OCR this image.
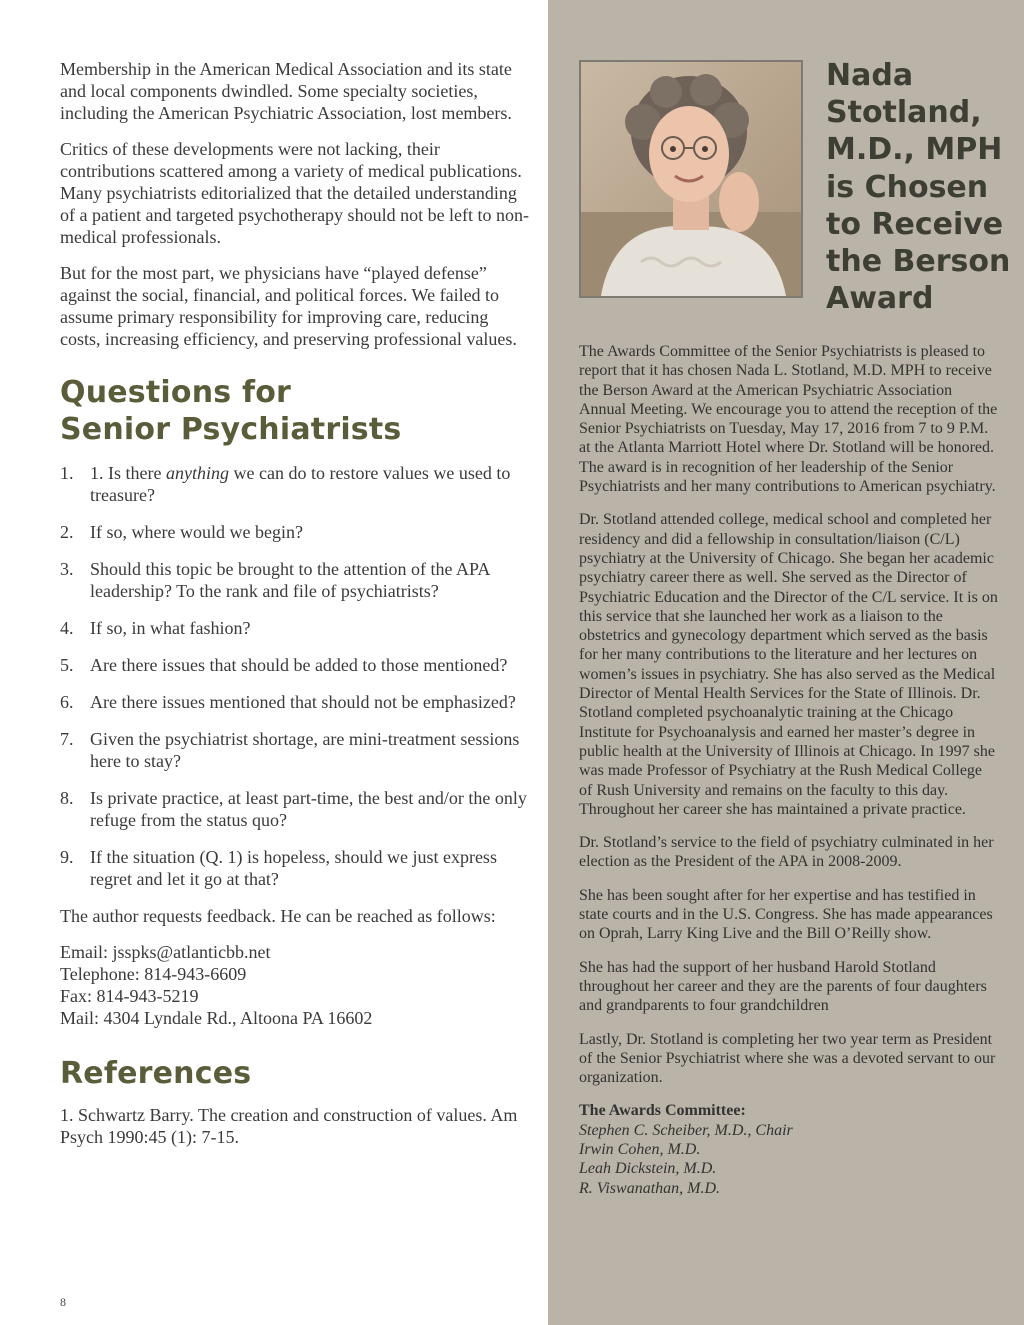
Membership in the American Medical Association and its state and local components dwindled. Some specialty societies, including the American Psychiatric Association, lost members.

Critics of these developments were not lacking, their contributions scattered among a variety of medical publications. Many psychiatrists editorialized that the detailed understanding of a patient and targeted psychotherapy should not be left to non-medical professionals.

But for the most part, we physicians have “played defense” against the social, financial, and political forces. We failed to assume primary responsibility for improving care, reducing costs, increasing efficiency, and preserving professional values.

Questions for
Senior Psychiatrists
1. 1. Is there anything we can do to restore values we used to treasure?
2. If so, where would we begin?
3. Should this topic be brought to the attention of the APA leadership? To the rank and file of psychiatrists?
4. If so, in what fashion?
5. Are there issues that should be added to those mentioned?
6. Are there issues mentioned that should not be emphasized?
7. Given the psychiatrist shortage, are mini-treatment sessions here to stay?
8. Is private practice, at least part-time, the best and/or the only refuge from the status quo?
9. If the situation (Q. 1) is hopeless, should we just express regret and let it go at that?

The author requests feedback. He can be reached as follows:

Email: jsspks@atlanticbb.net
Telephone: 814-943-6609
Fax: 814-943-5219
Mail: 4304 Lyndale Rd., Altoona PA 16602

References

1. Schwartz Barry. The creation and construction of values. Am Psych 1990:45 (1): 7-15.

8
Nada
Stotland,
M.D., MPH
is Chosen
to Receive
the Berson
Award

The Awards Committee of the Senior Psychiatrists is pleased to report that it has chosen Nada L. Stotland, M.D. MPH to receive the Berson Award at the American Psychiatric Association Annual Meeting. We encourage you to attend the reception of the Senior Psychiatrists on Tuesday, May 17, 2016 from 7 to 9 P.M. at the Atlanta Marriott Hotel where Dr. Stotland will be honored. The award is in recognition of her leadership of the Senior Psychiatrists and her many contributions to American psychiatry.

Dr. Stotland attended college, medical school and completed her residency and did a fellowship in consultation/liaison (C/L) psychiatry at the University of Chicago. She began her academic psychiatry career there as well. She served as the Director of Psychiatric Education and the Director of the C/L service. It is on this service that she launched her work as a liaison to the obstetrics and gynecology department which served as the basis for her many contributions to the literature and her lectures on women’s issues in psychiatry. She has also served as the Medical Director of Mental Health Services for the State of Illinois. Dr. Stotland completed psychoanalytic training at the Chicago Institute for Psychoanalysis and earned her master’s degree in public health at the University of Illinois at Chicago. In 1997 she was made Professor of Psychiatry at the Rush Medical College of Rush University and remains on the faculty to this day. Throughout her career she has maintained a private practice.

Dr. Stotland’s service to the field of psychiatry culminated in her election as the President of the APA in 2008-2009.

She has been sought after for her expertise and has testified in state courts and in the U.S. Congress. She has made appearances on Oprah, Larry King Live and the Bill O’Reilly show.

She has had the support of her husband Harold Stotland throughout her career and they are the parents of four daughters and grandparents to four grandchildren

Lastly, Dr. Stotland is completing her two year term as President of the Senior Psychiatrist where she was a devoted servant to our organization.

The Awards Committee:
Stephen C. Scheiber, M.D., Chair
Irwin Cohen, M.D.
Leah Dickstein, M.D.
R. Viswanathan, M.D.
